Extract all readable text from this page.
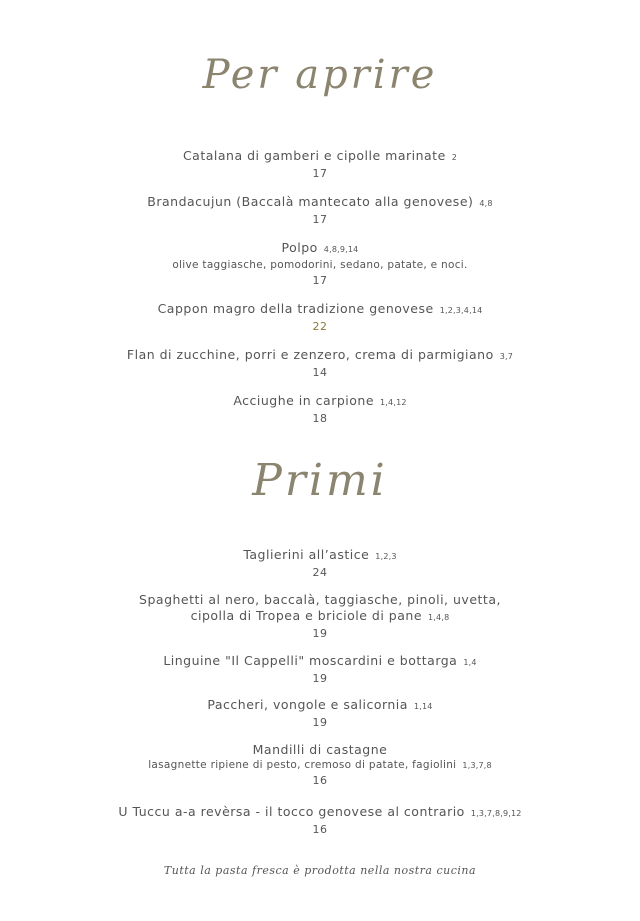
Per aprire
Catalana di gamberi e cipolle marinate 2
17
Brandacujun (Baccalà mantecato alla genovese) 4,8
17
Polpo 4,8,9,14
olive taggiasche, pomodorini, sedano, patate, e noci.
17
Cappon magro della tradizione genovese 1,2,3,4,14
22
Flan di zucchine, porri e zenzero, crema di parmigiano 3,7
14
Acciughe in carpione 1,4,12
18
Primi
Taglierini all’astice 1,2,3
24
Spaghetti al nero, baccalà, taggiasche, pinoli, uvetta,
cipolla di Tropea e briciole di pane 1,4,8
19
Linguine "Il Cappelli" moscardini e bottarga 1,4
19
Paccheri, vongole e salicornia 1,14
19
Mandilli di castagne
lasagnette ripiene di pesto, cremoso di patate, fagiolini 1,3,7,8
16
U Tuccu a-a revèrsa - il tocco genovese al contrario 1,3,7,8,9,12
16
Tutta la pasta fresca è prodotta nella nostra cucina
